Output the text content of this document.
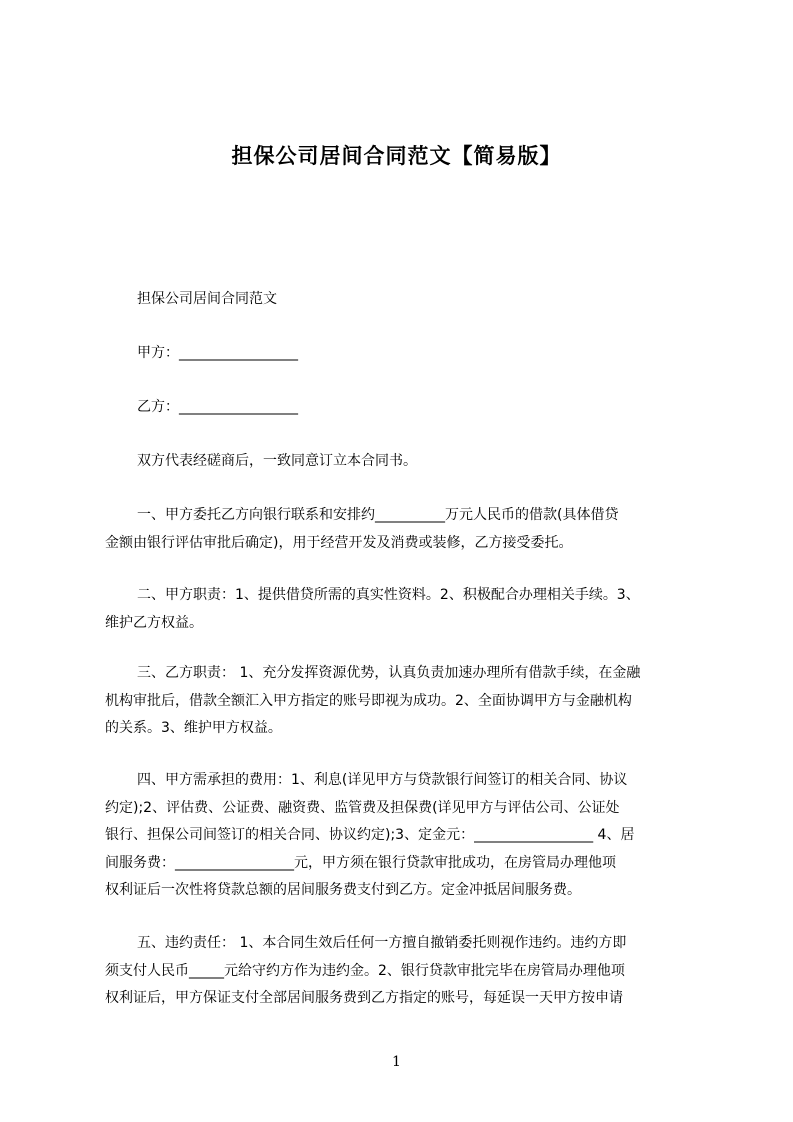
担保公司居间合同范文【简易版】
担保公司居间合同范文
甲方：_________________
乙方：_________________
双方代表经磋商后，一致同意订立本合同书。
一、甲方委托乙方向银行联系和安排约__________万元人民币的借款(具体借贷
金额由银行评估审批后确定)，用于经营开发及消费或装修，乙方接受委托。
二、甲方职责：1、提供借贷所需的真实性资料。2、积极配合办理相关手续。3、
维护乙方权益。
三、乙方职责： 1、充分发挥资源优势，认真负责加速办理所有借款手续，在金融
机构审批后，借款全额汇入甲方指定的账号即视为成功。2、全面协调甲方与金融机构
的关系。3、维护甲方权益。
四、甲方需承担的费用：1、利息(详见甲方与贷款银行间签订的相关合同、协议
约定);2、评估费、公证费、融资费、监管费及担保费(详见甲方与评估公司、公证处
银行、担保公司间签订的相关合同、协议约定);3、定金元：_________________ 4、居
间服务费：_________________元，甲方须在银行贷款审批成功，在房管局办理他项
权利证后一次性将贷款总额的居间服务费支付到乙方。定金冲抵居间服务费。
五、违约责任： 1、本合同生效后任何一方擅自撤销委托则视作违约。违约方即
须支付人民币_____元给守约方作为违约金。2、银行贷款审批完毕在房管局办理他项
权利证后，甲方保证支付全部居间服务费到乙方指定的账号，每延误一天甲方按申请
1
